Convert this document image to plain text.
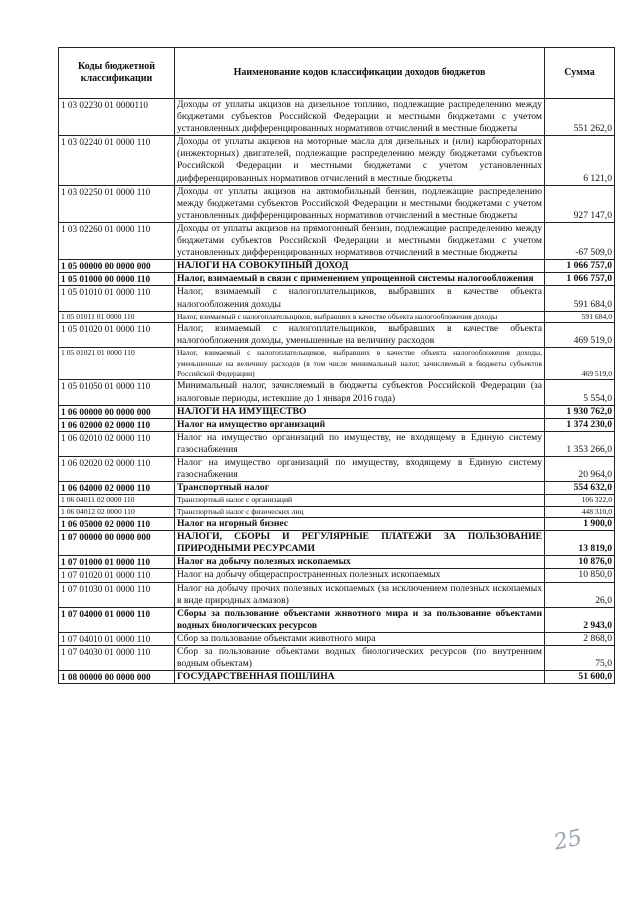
Коды бюджетной классификации	Наименование кодов классификации доходов бюджетов	Сумма
1 03 02230 01 0000110	Доходы от уплаты акцизов на дизельное топливо, подлежащие распределению между бюджетами субъектов Российской Федерации и местными бюджетами с учетом установленных дифференцированных нормативов отчислений в местные бюджеты	551 262,0
1 03 02240 01 0000 110	Доходы от уплаты акцизов на моторные масла для дизельных и (или) карбюраторных (инжекторных) двигателей, подлежащие распределению между бюджетами субъектов Российской Федерации и местными бюджетами с учетом установленных дифференцированных нормативов отчислений в местные бюджеты	6 121,0
1 03 02250 01 0000 110	Доходы от уплаты акцизов на автомобильный бензин, подлежащие распределению между бюджетами субъектов Российской Федерации и местными бюджетами с учетом установленных дифференцированных нормативов отчислений в местные бюджеты	927 147,0
1 03 02260 01 0000 110	Доходы от уплаты акцизов на прямогонный бензин, подлежащие распределению между бюджетами субъектов Российской Федерации и местными бюджетами с учетом установленных дифференцированных нормативов отчислений в местные бюджеты	-67 509,0
1 05 00000 00 0000 000	НАЛОГИ НА СОВОКУПНЫЙ ДОХОД	1 066 757,0
1 05 01000 00 0000 110	Налог, взимаемый в связи с применением упрощенной системы налогообложения	1 066 757,0
1 05 01010 01 0000 110	Налог, взимаемый с налогоплательщиков, выбравших в качестве объекта налогообложения доходы	591 684,0
1 05 01011 01 0000 110	Налог, взимаемый с налогоплательщиков, выбравших в качестве объекта налогообложения доходы	591 684,0
1 05 01020 01 0000 110	Налог, взимаемый с налогоплательщиков, выбравших в качестве объекта налогообложения доходы, уменьшенные на величину расходов	469 519,0
1 05 01021 01 0000 110	Налог, взимаемый с налогоплательщиков, выбравших в качестве объекта налогообложения доходы, уменьшенные на величину расходов (в том числе минимальный налог, зачисляемый в бюджеты субъектов Российской Федерации)	469 519,0
1 05 01050 01 0000 110	Минимальный налог, зачисляемый в бюджеты субъектов Российской Федерации (за налоговые периоды, истекшие до 1 января 2016 года)	5 554,0
1 06 00000 00 0000 000	НАЛОГИ НА ИМУЩЕСТВО	1 930 762,0
1 06 02000 02 0000 110	Налог на имущество организаций	1 374 230,0
1 06 02010 02 0000 110	Налог на имущество организаций по имуществу, не входящему в Единую систему газоснабжения	1 353 266,0
1 06 02020 02 0000 110	Налог на имущество организаций по имуществу, входящему в Единую систему газоснабжения	20 964,0
1 06 04000 02 0000 110	Транспортный налог	554 632,0
1 06 04011 02 0000 110	Транспортный налог с организаций	106 322,0
1 06 04012 02 0000 110	Транспортный налог с физических лиц	448 310,0
1 06 05000 02 0000 110	Налог на игорный бизнес	1 900,0
1 07 00000 00 0000 000	НАЛОГИ, СБОРЫ И РЕГУЛЯРНЫЕ ПЛАТЕЖИ ЗА ПОЛЬЗОВАНИЕ ПРИРОДНЫМИ РЕСУРСАМИ	13 819,0
1 07 01000 01 0000 110	Налог на добычу полезных ископаемых	10 876,0
1 07 01020 01 0000 110	Налог на добычу общераспространенных полезных ископаемых	10 850,0
1 07 01030 01 0000 110	Налог на добычу прочих полезных ископаемых (за исключением полезных ископаемых в виде природных алмазов)	26,0
1 07 04000 01 0000 110	Сборы за пользование объектами животного мира и за пользование объектами водных биологических ресурсов	2 943,0
1 07 04010 01 0000 110	Сбор за пользование объектами животного мира	2 868,0
1 07 04030 01 0000 110	Сбор за пользование объектами водных биологических ресурсов (по внутренним водным объектам)	75,0
1 08 00000 00 0000 000	ГОСУДАРСТВЕННАЯ ПОШЛИНА	51 600,0
25
